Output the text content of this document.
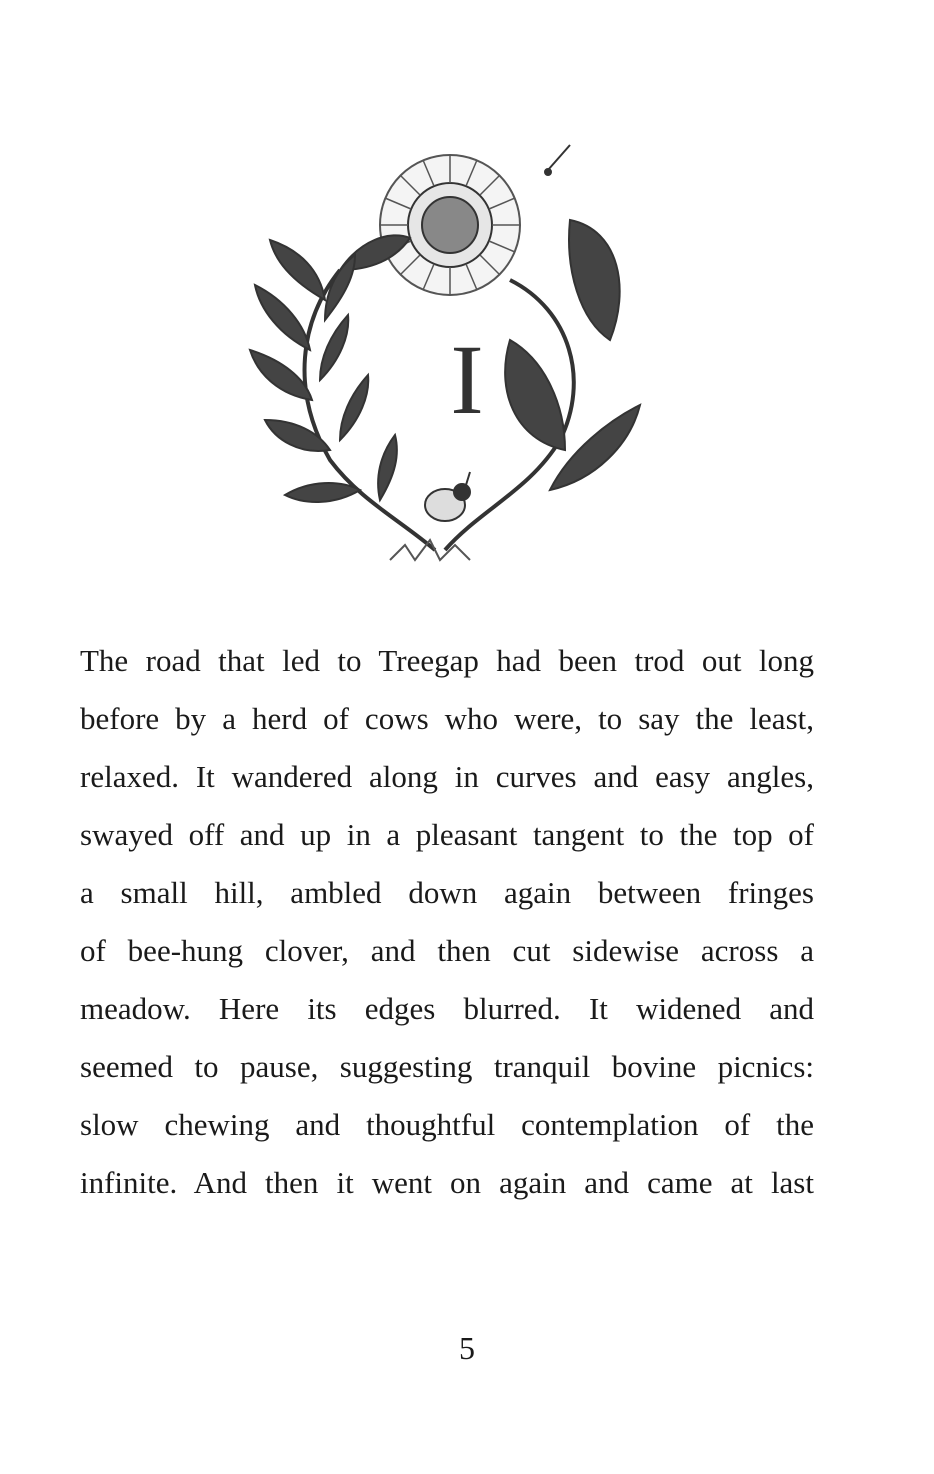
I
The road that led to Treegap had been trod out long
before by a herd of cows who were, to say the least,
relaxed. It wandered along in curves and easy angles,
swayed off and up in a pleasant tangent to the top of
a small hill, ambled down again between fringes
of bee-hung clover, and then cut sidewise across a
meadow. Here its edges blurred. It widened and
seemed to pause, suggesting tranquil bovine picnics:
slow chewing and thoughtful contemplation of the
infinite. And then it went on again and came at last
5
